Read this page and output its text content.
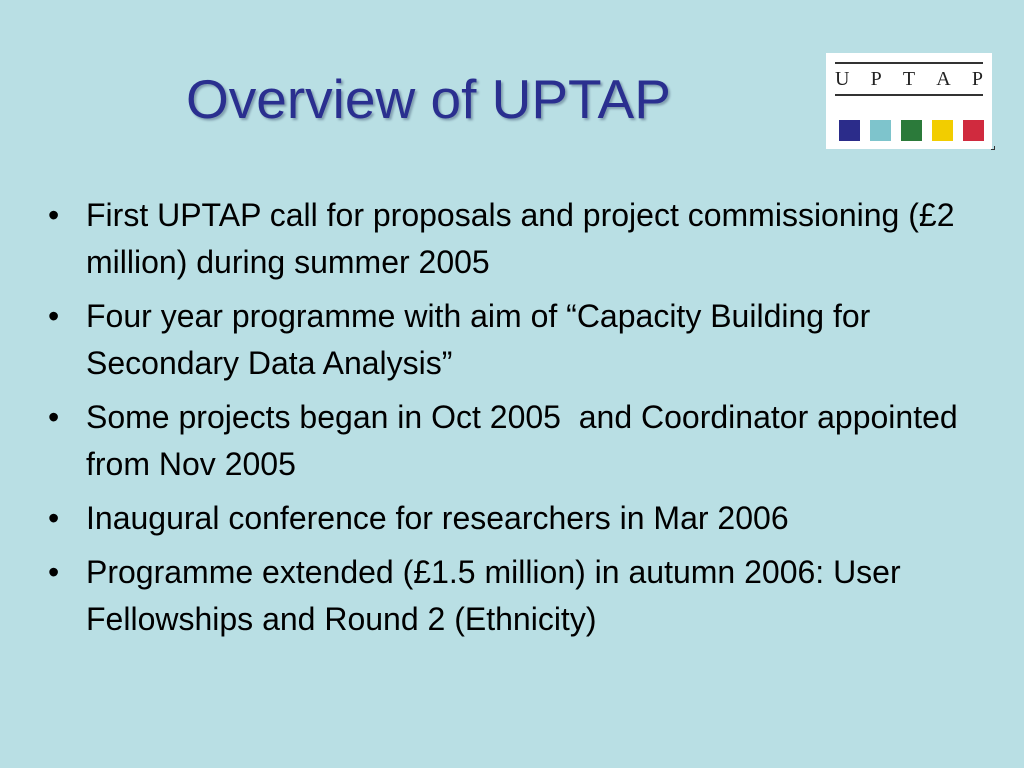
Overview of UPTAP	U P T A P
• First UPTAP call for proposals and project commissioning (£2 million) during summer 2005
• Four year programme with aim of “Capacity Building for Secondary Data Analysis”
• Some projects began in Oct 2005  and Coordinator appointed from Nov 2005
• Inaugural conference for researchers in Mar 2006
• Programme extended (£1.5 million) in autumn 2006: User Fellowships and Round 2 (Ethnicity)
